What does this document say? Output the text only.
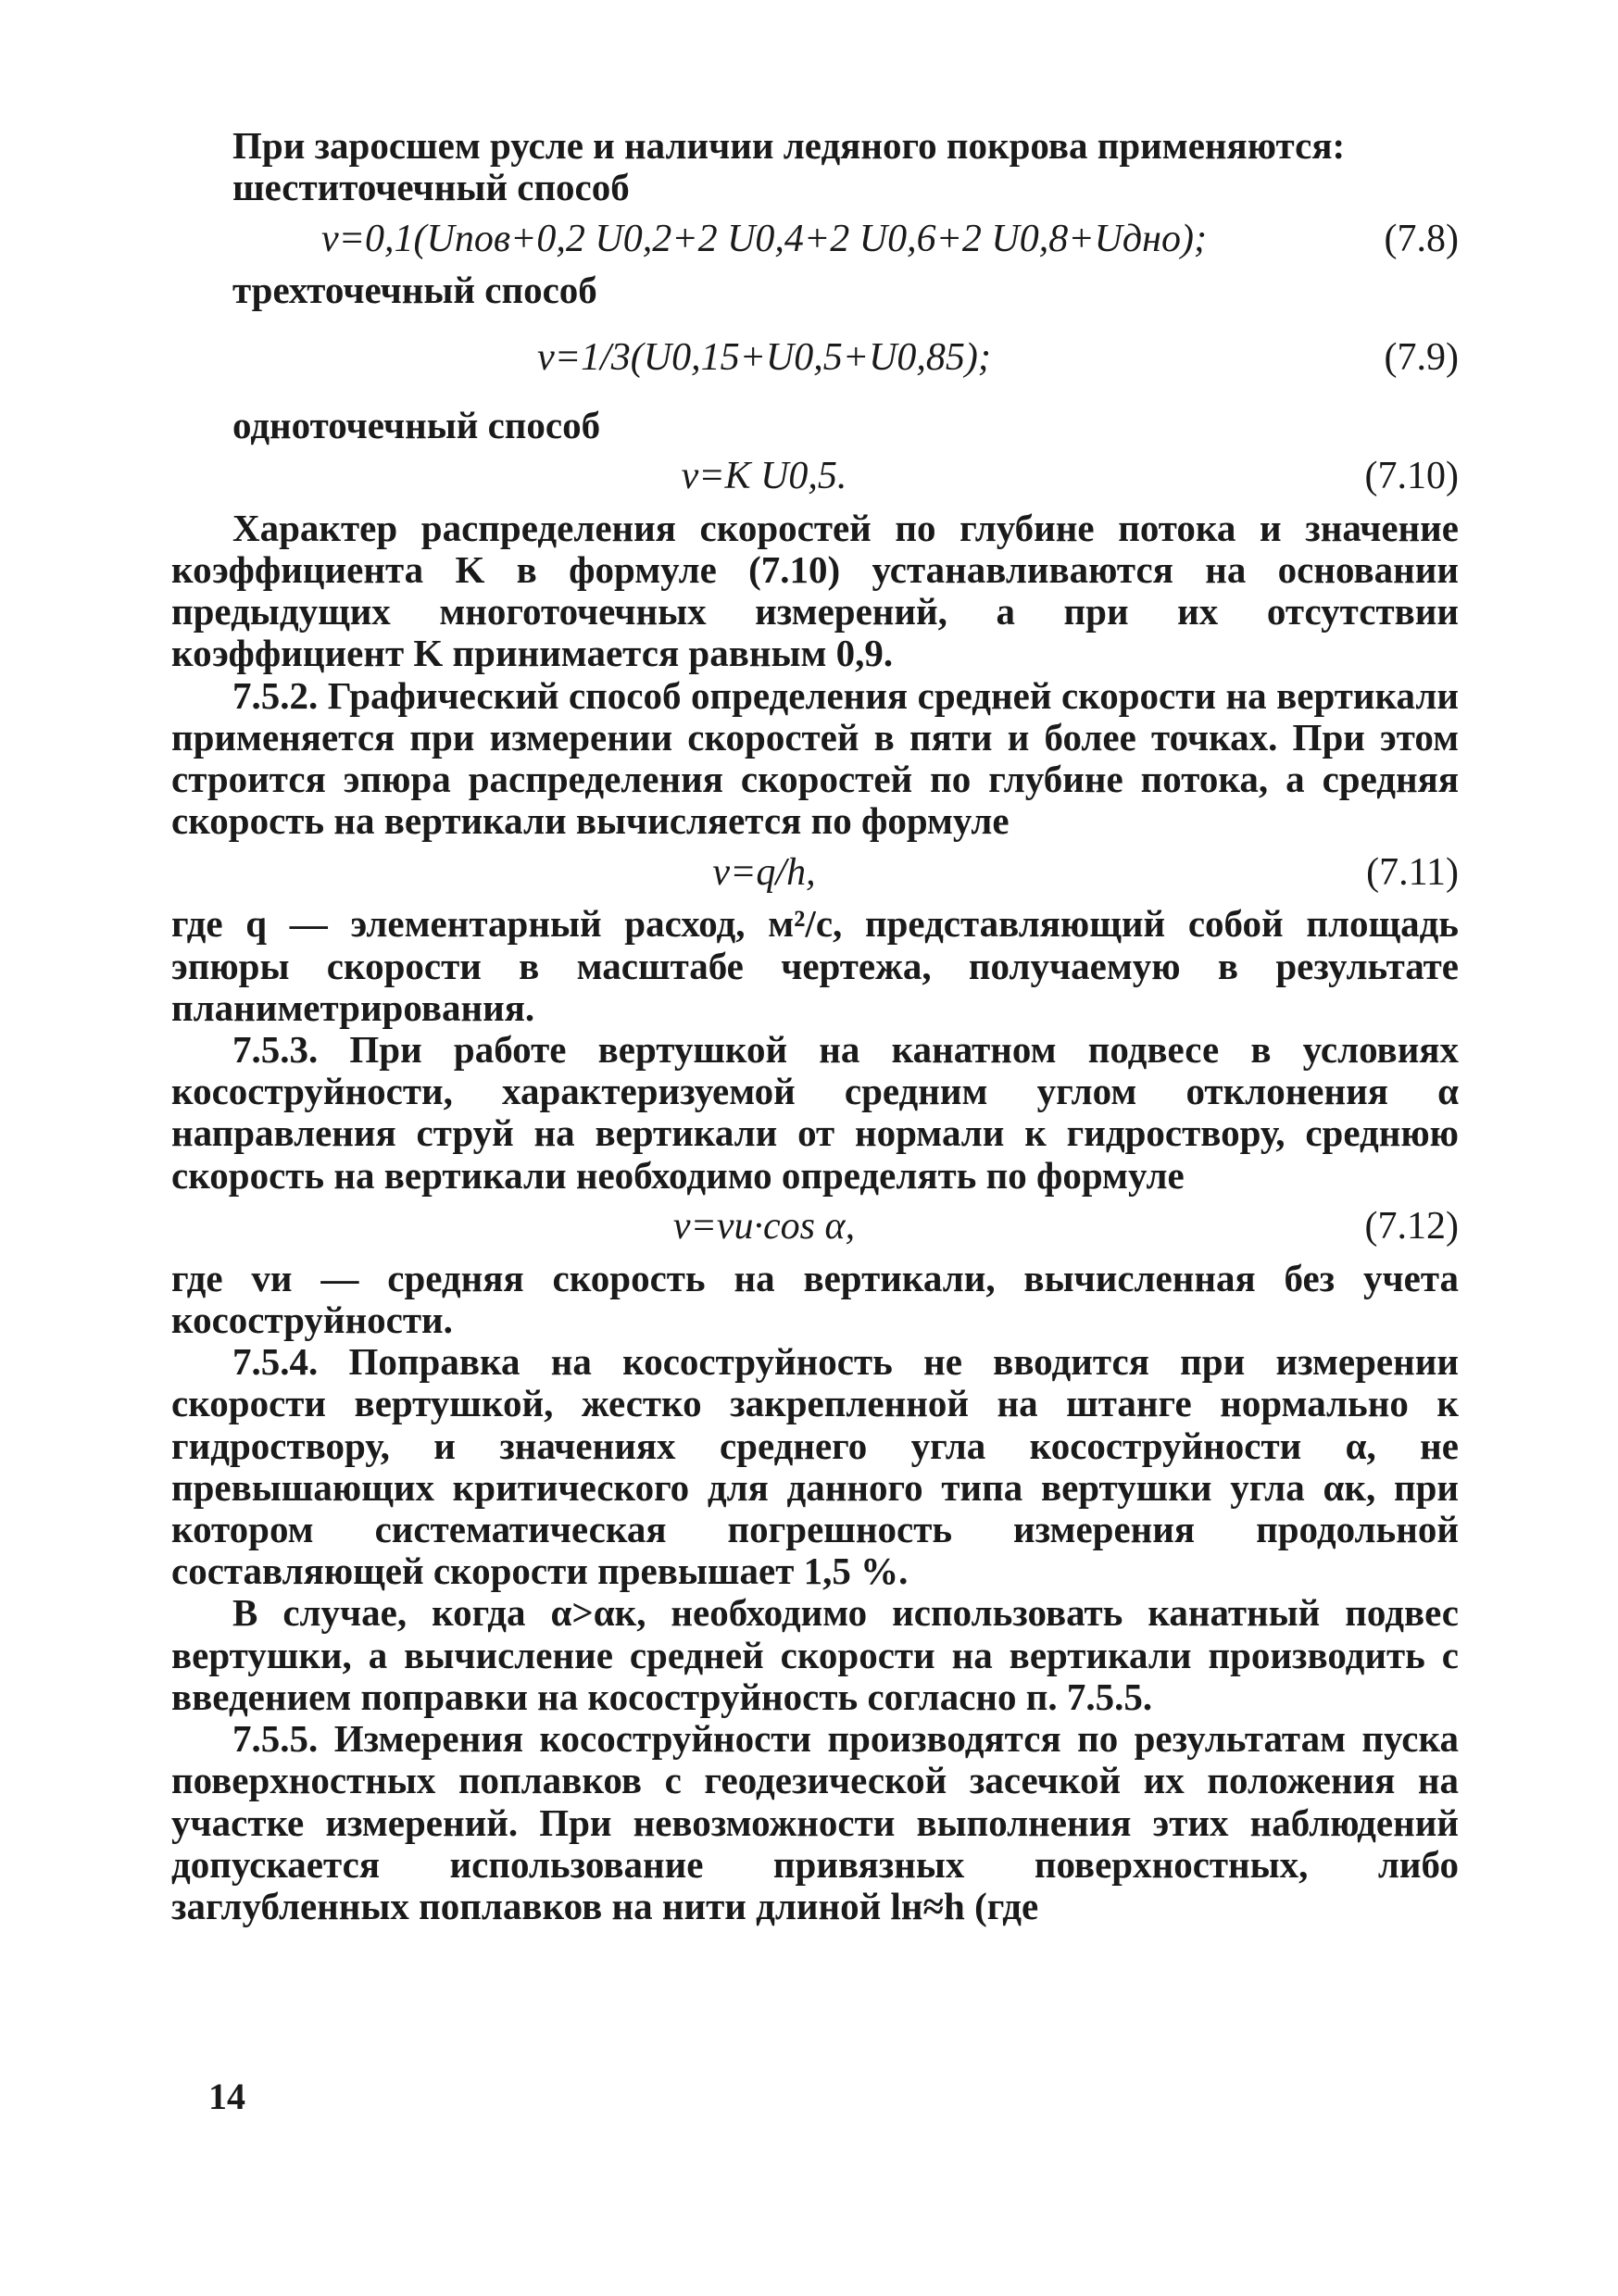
При заросшем русле и наличии ледяного покрова применяются:

шеститочечный способ

v=0,1(Uпов+0,2 U0,2+2 U0,4+2 U0,6+2 U0,8+Uдно);	(7.8)

трехточечный способ

v=1/3(U0,15+U0,5+U0,85);	(7.9)

одноточечный способ

v=K U0,5.	(7.10)

Характер распределения скоростей по глубине потока и значение коэффициента K в формуле (7.10) устанавливаются на основании предыдущих многоточечных измерений, а при их отсутствии коэффициент K принимается равным 0,9.

7.5.2. Графический способ определения средней скорости на вертикали применяется при измерении скоростей в пяти и более точках. При этом строится эпюра распределения скоростей по глубине потока, а средняя скорость на вертикали вычисляется по формуле

v=q/h,	(7.11)

где q — элементарный расход, м²/с, представляющий собой площадь эпюры скорости в масштабе чертежа, получаемую в результате планиметрирования.

7.5.3. При работе вертушкой на канатном подвесе в условиях косоструйности, характеризуемой средним углом отклонения α направления струй на вертикали от нормали к гидроствору, среднюю скорость на вертикали необходимо определять по формуле

v=vи·cos α,	(7.12)

где vи — средняя скорость на вертикали, вычисленная без учета косоструйности.

7.5.4. Поправка на косоструйность не вводится при измерении скорости вертушкой, жестко закрепленной на штанге нормально к гидроствору, и значениях среднего угла косоструйности α, не превышающих критического для данного типа вертушки угла αк, при котором систематическая погрешность измерения продольной составляющей скорости превышает 1,5 %.

В случае, когда α>αк, необходимо использовать канатный подвес вертушки, а вычисление средней скорости на вертикали производить с введением поправки на косоструйность согласно п. 7.5.5.

7.5.5. Измерения косоструйности производятся по результатам пуска поверхностных поплавков с геодезической засечкой их положения на участке измерений. При невозможности выполнения этих наблюдений допускается использование привязных поверхностных, либо заглубленных поплавков на нити длиной lн≈h (где

14
